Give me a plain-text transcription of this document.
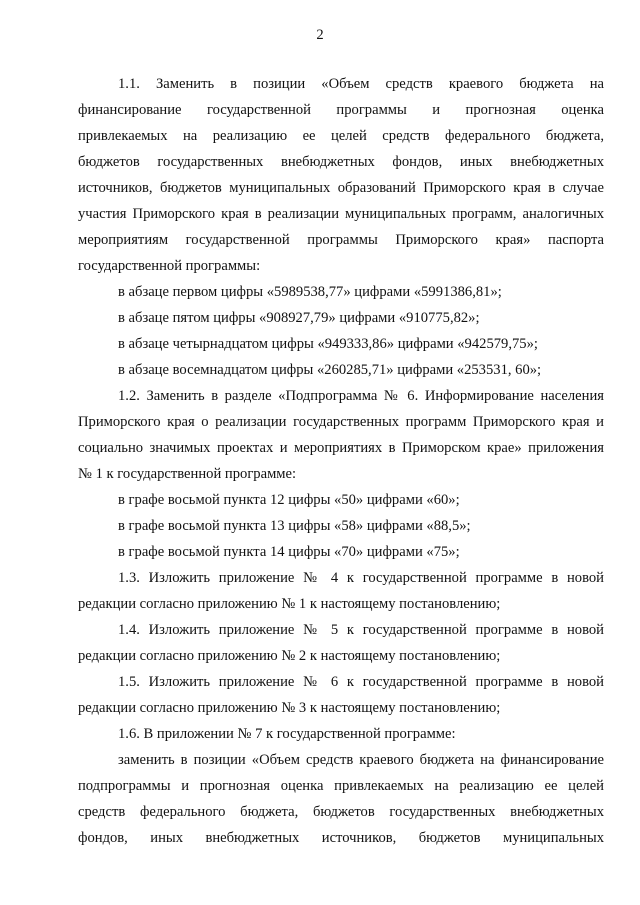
2
1.1. Заменить в позиции «Объем средств краевого бюджета на
финансирование государственной программы и прогнозная оценка
привлекаемых на реализацию ее целей средств федерального бюджета,
бюджетов государственных внебюджетных фондов, иных внебюджетных
источников, бюджетов муниципальных образований Приморского края в случае
участия Приморского края в реализации муниципальных программ, аналогичных
мероприятиям государственной программы Приморского края» паспорта
государственной программы:
в абзаце первом цифры «5989538,77» цифрами «5991386,81»;
в абзаце пятом цифры «908927,79» цифрами «910775,82»;
в абзаце четырнадцатом цифры «949333,86» цифрами «942579,75»;
в абзаце восемнадцатом цифры «260285,71» цифрами «253531, 60»;
1.2. Заменить в разделе «Подпрограмма № 6. Информирование населения
Приморского края о реализации государственных программ Приморского края и
социально значимых проектах и мероприятиях в Приморском крае» приложения
№ 1 к государственной программе:
в графе восьмой пункта 12 цифры «50» цифрами «60»;
в графе восьмой пункта 13 цифры «58» цифрами «88,5»;
в графе восьмой пункта 14 цифры «70» цифрами «75»;
1.3. Изложить приложение № 4 к государственной программе в новой
редакции согласно приложению № 1 к настоящему постановлению;
1.4. Изложить приложение № 5 к государственной программе в новой
редакции согласно приложению № 2 к настоящему постановлению;
1.5. Изложить приложение № 6 к государственной программе в новой
редакции согласно приложению № 3 к настоящему постановлению;
1.6. В приложении № 7 к государственной программе:
заменить в позиции «Объем средств краевого бюджета на финансирование
подпрограммы и прогнозная оценка привлекаемых на реализацию ее целей
средств федерального бюджета, бюджетов государственных внебюджетных
фондов, иных внебюджетных источников, бюджетов муниципальных
